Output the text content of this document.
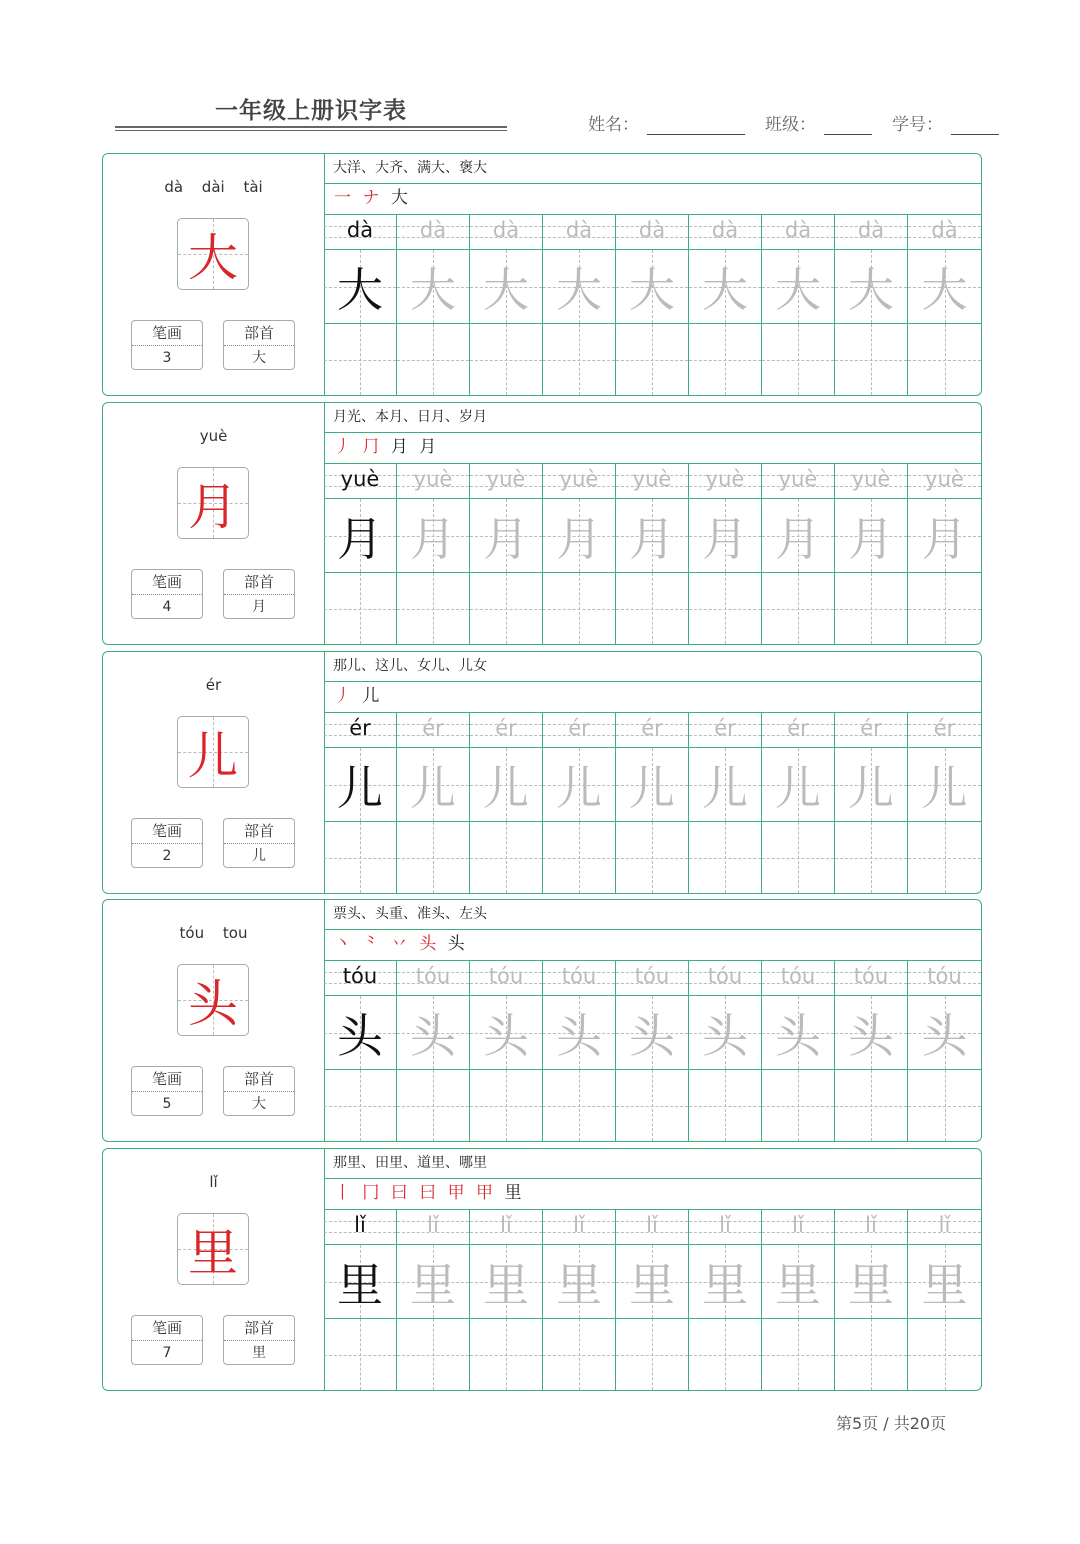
一年级上册识字表
姓名：	班级：	学号：
dà dài tài
大
笔画
3
部首
大
大洋、大齐、满大、褒大
一 ナ 大
dà	dà	dà	dà	dà	dà	dà	dà	dà
大 大 大 大 大 大 大 大 大
yuè
月
笔画
4
部首
月
月光、本月、日月、岁月
丿 ⺆ 月 月
yuè	yuè	yuè	yuè	yuè	yuè	yuè	yuè	yuè
月 月 月 月 月 月 月 月 月
ér
儿
笔画
2
部首
儿
那儿、这儿、女儿、儿女
丿 儿
ér	ér	ér	ér	ér	ér	ér	ér	ér
儿 儿 儿 儿 儿 儿 儿 儿 儿
tóu tou
头
笔画
5
部首
大
票头、头重、准头、左头
丶 ⺀ 丷 头 头
tóu	tóu	tóu	tóu	tóu	tóu	tóu	tóu	tóu
头 头 头 头 头 头 头 头 头
lǐ
里
笔画
7
部首
里
那里、田里、道里、哪里
丨 冂 曰 曰 甲 甲 里
lǐ	lǐ	lǐ	lǐ	lǐ	lǐ	lǐ	lǐ	lǐ
里 里 里 里 里 里 里 里 里
第5页 / 共20页
